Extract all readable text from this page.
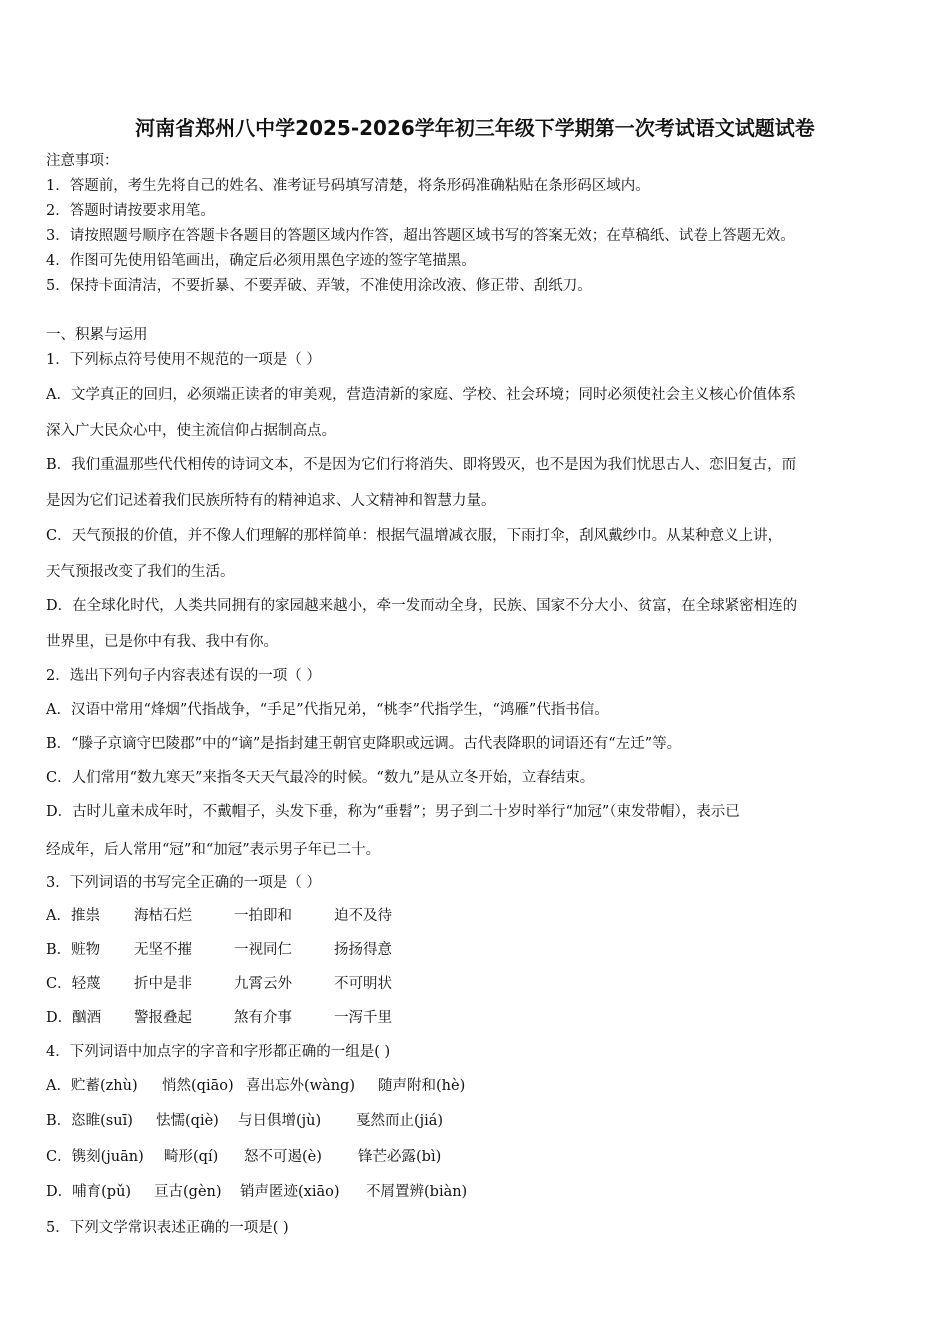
河南省郑州八中学2025-2026学年初三年级下学期第一次考试语文试题试卷
注意事项：
1．答题前，考生先将自己的姓名、准考证号码填写清楚，将条形码准确粘贴在条形码区域内。
2．答题时请按要求用笔。
3．请按照题号顺序在答题卡各题目的答题区域内作答，超出答题区域书写的答案无效；在草稿纸、试卷上答题无效。
4．作图可先使用铅笔画出，确定后必须用黑色字迹的签字笔描黑。
5．保持卡面清洁，不要折暴、不要弄破、弄皱，不准使用涂改液、修正带、刮纸刀。
一、积累与运用
1．下列标点符号使用不规范的一项是（ ）
A．文学真正的回归，必须端正读者的审美观，营造清新的家庭、学校、社会环境；同时必须使社会主义核心价值体系
深入广大民众心中，使主流信仰占据制高点。
B．我们重温那些代代相传的诗词文本，不是因为它们行将消失、即将毁灭，也不是因为我们忧思古人、恋旧复古，而
是因为它们记述着我们民族所特有的精神追求、人文精神和智慧力量。
C．天气预报的价值，并不像人们理解的那样简单：根据气温增减衣服，下雨打伞，刮风戴纱巾。从某种意义上讲，
天气预报改变了我们的生活。
D．在全球化时代，人类共同拥有的家园越来越小，牵一发而动全身，民族、国家不分大小、贫富，在全球紧密相连的
世界里，已是你中有我、我中有你。
2．选出下列句子内容表述有误的一项（ ）
A．汉语中常用“烽烟”代指战争，“手足”代指兄弟，“桃李”代指学生，“鸿雁”代指书信。
B．“滕子京谪守巴陵郡”中的“谪”是指封建王朝官吏降职或远调。古代表降职的词语还有“左迁”等。
C．人们常用“数九寒天”来指冬天天气最冷的时候。“数九”是从立冬开始，立春结束。
D．古时儿童未成年时，不戴帽子，头发下垂，称为“垂髫”；男子到二十岁时举行“加冠”（束发带帽），表示已
经成年，后人常用“冠”和“加冠”表示男子年已二十。
3．下列词语的书写完全正确的一项是（ ）
A．推祟 海枯石烂	一拍即和	迫不及待
B．赃物 无坚不摧	一视同仁	扬扬得意
C．轻蔑 折中是非	九霄云外	不可明状
D．酗酒 警报叠起	煞有介事	一泻千里
4．下列词语中加点字的字音和字形都正确的一组是( )
A．贮蓄(zhù) 悄然(qiāo) 喜出忘外(wàng) 随声附和(hè)
B．恣睢(suī) 怯懦(qiè) 与日俱增(jù) 戛然而止(jiá)
C．镌刻(juān) 畸形(qí) 怒不可遏(è) 锋芒必露(bì)
D．哺育(pǔ) 亘古(gèn) 销声匿迹(xiāo) 不屑置辨(biàn)
5．下列文学常识表述正确的一项是( )
